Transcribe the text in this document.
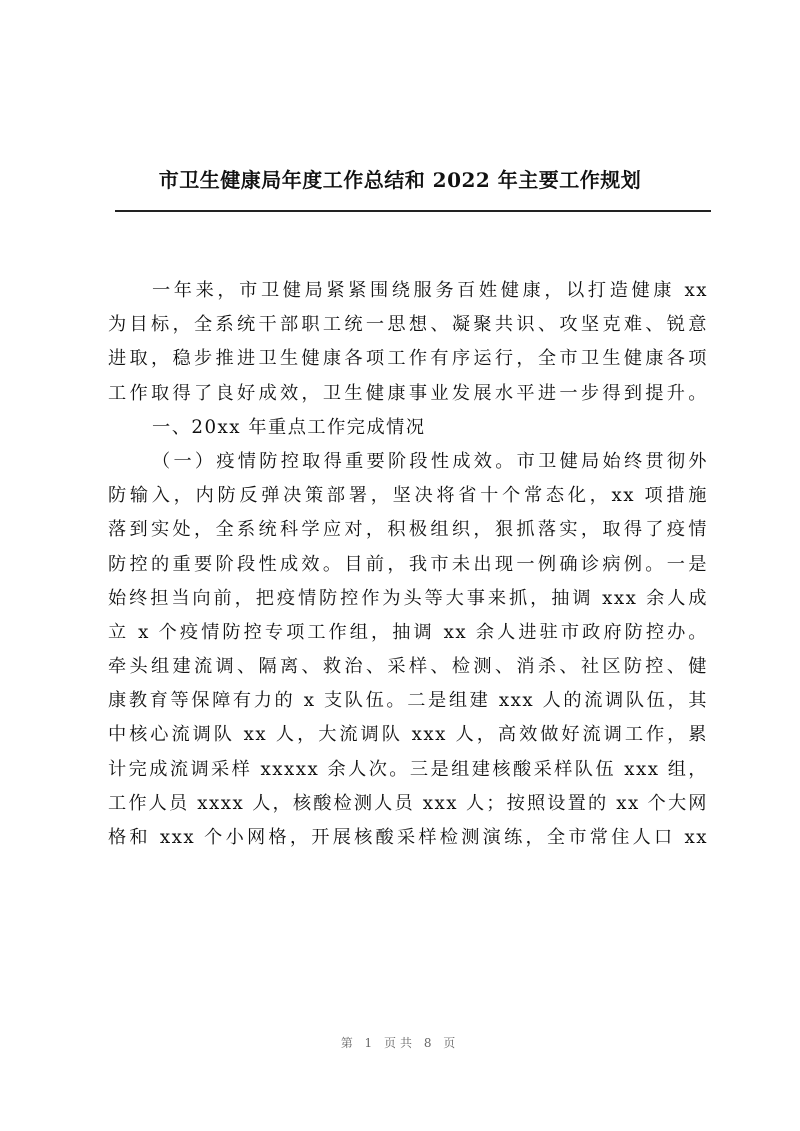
市卫生健康局年度工作总结和 2022 年主要工作规划
一年来，市卫健局紧紧围绕服务百姓健康，以打造健康 xx
为目标，全系统干部职工统一思想、凝聚共识、攻坚克难、锐意
进取，稳步推进卫生健康各项工作有序运行，全市卫生健康各项
工作取得了良好成效，卫生健康事业发展水平进一步得到提升。
一、20xx 年重点工作完成情况
（一）疫情防控取得重要阶段性成效。市卫健局始终贯彻外
防输入，内防反弹决策部署，坚决将省十个常态化，xx 项措施
落到实处，全系统科学应对，积极组织，狠抓落实，取得了疫情
防控的重要阶段性成效。目前，我市未出现一例确诊病例。一是
始终担当向前，把疫情防控作为头等大事来抓，抽调 xxx 余人成
立 x 个疫情防控专项工作组，抽调 xx 余人进驻市政府防控办。
牵头组建流调、隔离、救治、采样、检测、消杀、社区防控、健
康教育等保障有力的 x 支队伍。二是组建 xxx 人的流调队伍，其
中核心流调队 xx 人，大流调队 xxx 人，高效做好流调工作，累
计完成流调采样 xxxxx 余人次。三是组建核酸采样队伍 xxx 组，
工作人员 xxxx 人，核酸检测人员 xxx 人；按照设置的 xx 个大网
格和 xxx 个小网格，开展核酸采样检测演练，全市常住人口 xx
第 1 页共 8 页
